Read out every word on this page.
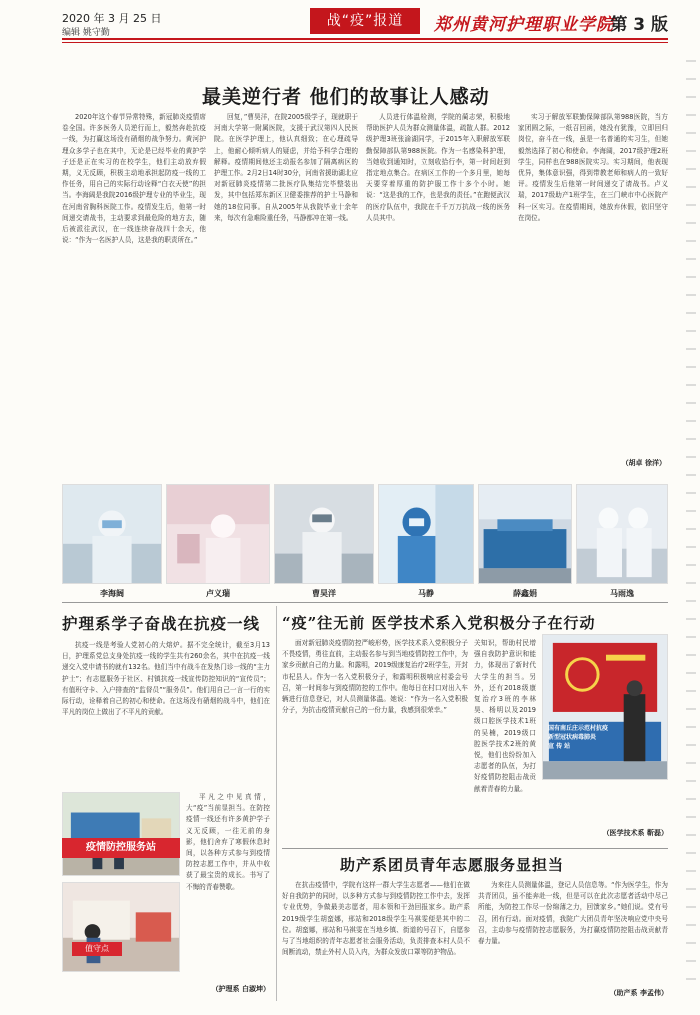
2020 年 3 月 25 日
编辑 姚守勤
战“疫”报道	郑州黄河护理职业学院
第 3 版
最美逆行者 他们的故事让人感动
2020年这个春节异常特殊，新冠肺炎疫情席卷全国。许多医务人员逆行而上，毅然奔赴抗疫一线，为打赢这场没有硝烟的战争努力。黄河护理众多学子也在其中，无论是已经毕业的黄护学子还是正在实习的在校学生，他们主动放弃假期，义无反顾，积极主动地承担起防疫一线的工作任务，用自己的实际行动诠释“白衣天使”的担当。李海阔是我院2016级护理专业的毕业生，现在河南省胸科医院工作。疫情发生后，他第一时间递交请战书，主动要求到最危险的地方去，随后被派往武汉，在一线连续奋战四十余天，他说：“作为一名医护人员，这是我的职责所在。”
回复，”曹昊洋，在院2005级学子，现就职于河南大学第一附属医院，支援于武汉第四人民医院。在医学护理上，他认真细致；在心理疏导上，他耐心倾听病人的疑虑，并给予科学合理的解释。疫情期间他还主动报名参加了隔离病区的护理工作。2月2日14时30分，河南省援助湖北应对新冠肺炎疫情第二批医疗队集结完毕整装出发，其中包括郑东新区卫健委推荐的护士马静和她的18位同事。自从2005年从我院毕业十余年来，每次有急难险重任务，马静都冲在第一线。
人员进行体温检测，学院的蔺志荣，积极地帮助医护人员为群众测量体温，疏散人群。2012级护理3班张渝湖同学，于2015年入职解放军联勤保障部队第988医院。作为一名感染科护理，当她收到通知时，立刻收拾行李，第一时间赶到指定地点集合。在病区工作的一个多月里，她每天要穿着厚重的防护服工作十多个小时。她说：“这是我的工作，也是我的责任。”在跑便武汉的医疗队伍中，我院在千千万万抗战一线的医务人员其中。
实习于解放军联勤保障部队第988医院，当方家团圆之际，一纸召回函，她没有犹豫，立即回归岗位，奋斗在一线，虽是一名普通的实习生，但她毅然选择了初心和使命。李海阔，2017级护理2班学生，同样也在988医院实习。实习期间，他表现优异，集体意识强，得到带教老师和病人的一致好评。疫情发生后他第一时间递交了请战书。卢义瑞，2017级助产1班学生，在三门峡市中心医院产科一区实习。在疫情期间，她放弃休假，依旧坚守在岗位。
（胡卓 徐洋）
李海阔	卢义瑞	曹昊洋	马静	薛鑫娟	马雨逸
护理系学子奋战在抗疫一线
抗疫一线是考验人党初心的大熔炉。据不完全统计，截至3月13日，护理系党总支身处抗疫一线的学生共有260余名，其中在抗疫一线递交入党申请书的就有132名。他们当中有战斗在发热门诊一线的“主力护士”；有志愿服务于社区、村镇抗疫一线宣传防控知识的“宣传员”；有值班守卡、入户排查的“监督员”“服务员”。他们用自己一言一行的实际行动，诠释着自己的初心和使命。在这场没有硝烟的战斗中，他们在平凡的岗位上做出了不平凡的贡献。
疫情防控服务站
值守点
平凡之中见真情，大“疫”当前显担当。在防控疫情一线还有许多黄护学子义无反顾，一往无前的身影，他们舍弃了寒假休息时间，以各种方式参与到疫情防控志愿工作中，并从中收获了最宝贵的成长。书写了不悔的青春赞歌。
（护理系 白淑坤）
“疫”往无前 医学技术系入党积极分子在行动
面对新冠肺炎疫情防控严峻形势，医学技术系入党积极分子不畏疫情，勇往直前，主动报名参与到当地疫情防控工作中，为家乡贡献自己的力量。和露明，2019级康复治疗2班学生，开封市杞县人。作为一名入党积极分子，和露明积极响应村委会号召，第一时间参与到疫情防控的工作中。他每日在村口对出入车辆进行信息登记，对人员测量体温。她说：“作为一名入党积极分子，为抗击疫情贡献自己的一份力量，我感到很荣幸。”
关知识，帮助村民增强自我防护意识和能力，体现出了新时代大学生的担当。另外，还有2018级康复治疗3班的李林昊、杨明以及2019级口腔医学技术1班的吴楠，2019级口腔医学技术2班的黄悦，他们也纷纷加入志愿者的队伍，为打好疫情防控阻击战贡献着青春的力量。
国有南丘庄示范村抗疫
新型冠状病毒肺炎
宣 传 站
（医学技术系 靳磊）
助产系团员青年志愿服务显担当
在抗击疫情中，学院有这样一群大学生志愿者——他们在做好自我防护的同时，以多种方式参与到疫情防控工作中去，发挥专业优势，争做最美志愿者，用本领和干劲回报家乡。助产系2019级学生胡蛮娜，邢站和2018级学生马祺雯便是其中的二位。胡蛮娜，邢站和马祺雯在当地乡镇、街道的号召下，自愿参与了当地组织的青年志愿者社会服务活动，负责排查本村人员不间断流动，禁止外村人员入内，为群众发放口罩等防护物品。
为来往人员测量体温，登记人员信息等。“作为医学生，作为共青团员，虽不能奔赴一线，但是可以在此次志愿者活动中尽己所能，为防控工作尽一份绵薄之力，回馈家乡。”她们说。党有号召，团有行动。面对疫情，我院广大团员青年坚决响应党中央号召，主动参与疫情防控志愿服务，为打赢疫情防控阻击战贡献青春力量。
（助产系 李孟伟）
